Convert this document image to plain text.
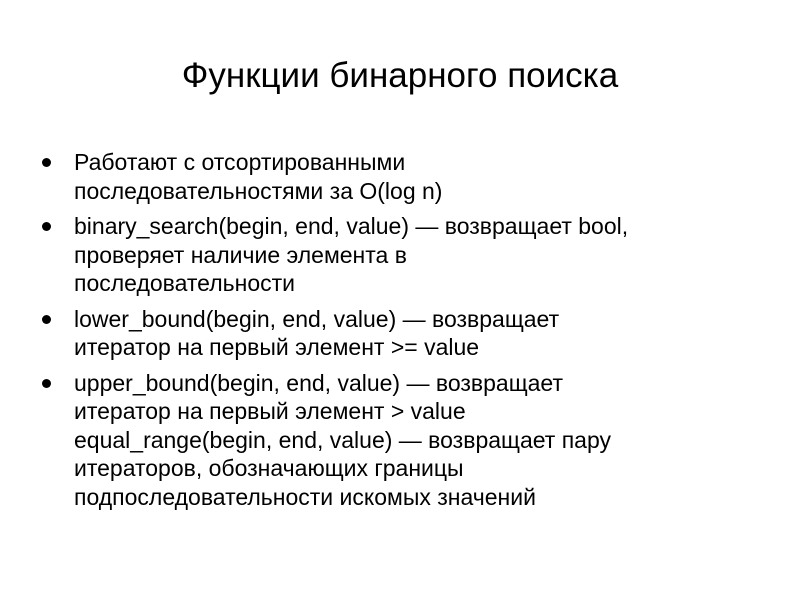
Функции бинарного поиска
Работают с отсортированными
последовательностями за O(log n)
binary_search(begin, end, value) — возвращает bool,
проверяет наличие элемента в
последовательности
lower_bound(begin, end, value) — возвращает
итератор на первый элемент >= value
upper_bound(begin, end, value) — возвращает
итератор на первый элемент > value
equal_range(begin, end, value) — возвращает пару
итераторов, обозначающих границы
подпоследовательности искомых значений
